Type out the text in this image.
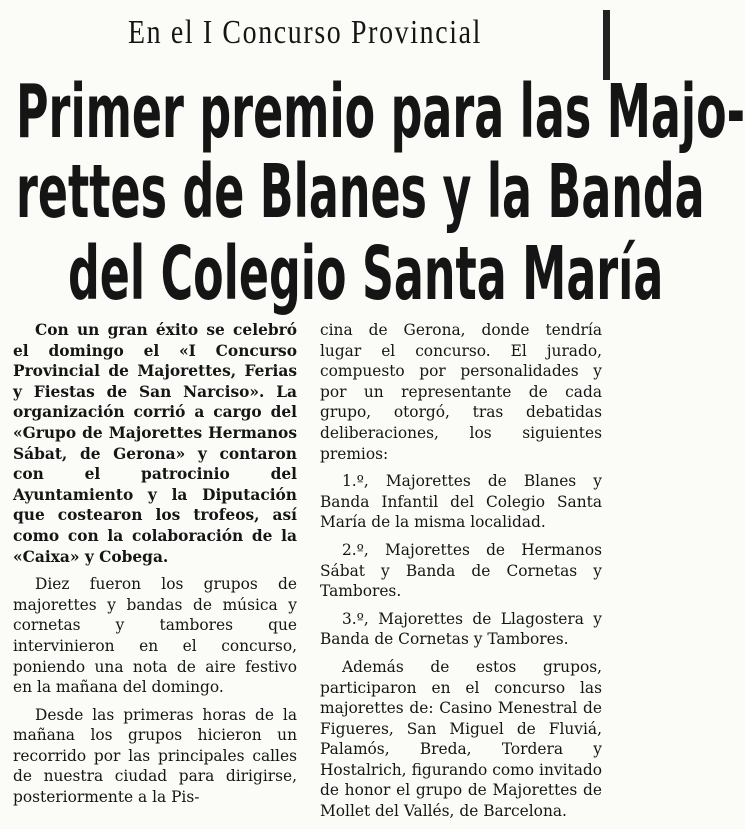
En el I Concurso Provincial
Primer premio para las Majo-
rettes de Blanes y la Banda
del Colegio Santa María

Con un gran éxito se celebró el domingo el «I Concurso Provincial de Majorettes, Ferias y Fiestas de San Narciso». La organización corrió a cargo del «Grupo de Majorettes Hermanos Sábat, de Gerona» y contaron con el patrocinio del Ayuntamiento y la Diputación que costearon los trofeos, así como con la colaboración de la «Caixa» y Cobega.

Diez fueron los grupos de majorettes y bandas de música y cornetas y tambores que intervinieron en el concurso, poniendo una nota de aire festivo en la mañana del domingo.

Desde las primeras horas de la mañana los grupos hicieron un recorrido por las principales calles de nuestra ciudad para dirigirse, posteriormente a la Pis-

cina de Gerona, donde tendría lugar el concurso. El jurado, compuesto por personalidades y por un representante de cada grupo, otorgó, tras debatidas deliberaciones, los siguientes premios:

1.º, Majorettes de Blanes y Banda Infantil del Colegio Santa María de la misma localidad.

2.º, Majorettes de Hermanos Sábat y Banda de Cornetas y Tambores.

3.º, Majorettes de Llagostera y Banda de Cornetas y Tambores.

Además de estos grupos, participaron en el concurso las majorettes de: Casino Menestral de Figueres, San Miguel de Fluviá, Palamós, Breda, Tordera y Hostalrich, figurando como invitado de honor el grupo de Majorettes de Mollet del Vallés, de Barcelona.
